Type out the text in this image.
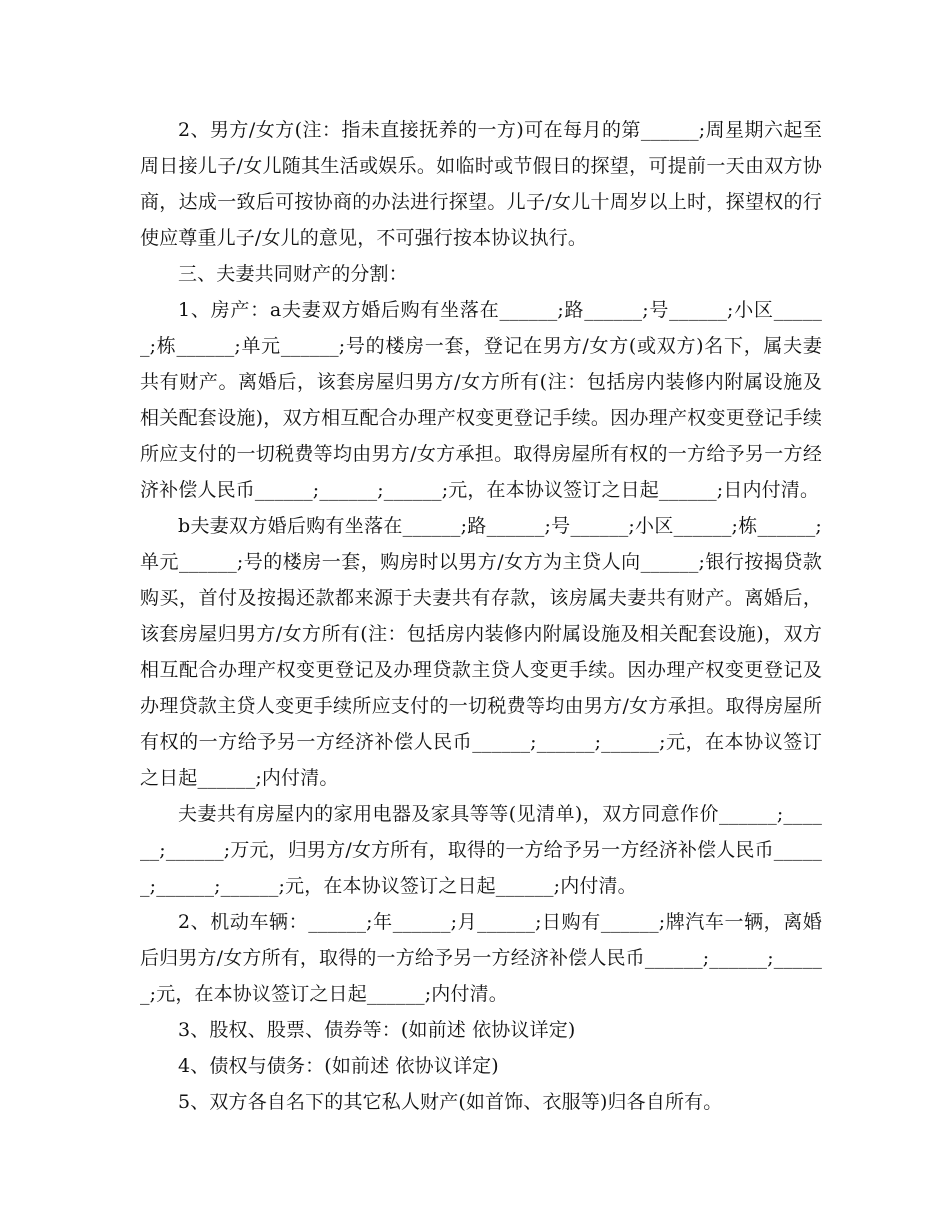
2、男方/女方(注：指未直接抚养的一方)可在每月的第______;周星期六起至周日接儿子/女儿随其生活或娱乐。如临时或节假日的探望，可提前一天由双方协商，达成一致后可按协商的办法进行探望。儿子/女儿十周岁以上时，探望权的行使应尊重儿子/女儿的意见，不可强行按本协议执行。

三、夫妻共同财产的分割：

1、房产：a夫妻双方婚后购有坐落在______;路______;号______;小区______;栋______;单元______;号的楼房一套，登记在男方/女方(或双方)名下，属夫妻共有财产。离婚后，该套房屋归男方/女方所有(注：包括房内装修内附属设施及相关配套设施)，双方相互配合办理产权变更登记手续。因办理产权变更登记手续所应支付的一切税费等均由男方/女方承担。取得房屋所有权的一方给予另一方经济补偿人民币______;______;______;元，在本协议签订之日起______;日内付清。

b夫妻双方婚后购有坐落在______;路______;号______;小区______;栋______;单元______;号的楼房一套，购房时以男方/女方为主贷人向______;银行按揭贷款购买，首付及按揭还款都来源于夫妻共有存款，该房属夫妻共有财产。离婚后，该套房屋归男方/女方所有(注：包括房内装修内附属设施及相关配套设施)，双方相互配合办理产权变更登记及办理贷款主贷人变更手续。因办理产权变更登记及办理贷款主贷人变更手续所应支付的一切税费等均由男方/女方承担。取得房屋所有权的一方给予另一方经济补偿人民币______;______;______;元，在本协议签订之日起______;内付清。

夫妻共有房屋内的家用电器及家具等等(见清单)，双方同意作价______;______;______;万元，归男方/女方所有，取得的一方给予另一方经济补偿人民币______;______;______;元，在本协议签订之日起______;内付清。

2、机动车辆：______;年______;月______;日购有______;牌汽车一辆，离婚后归男方/女方所有，取得的一方给予另一方经济补偿人民币______;______;______;元，在本协议签订之日起______;内付清。

3、股权、股票、债券等：(如前述 依协议详定)

4、债权与债务：(如前述 依协议详定)

5、双方各自名下的其它私人财产(如首饰、衣服等)归各自所有。
